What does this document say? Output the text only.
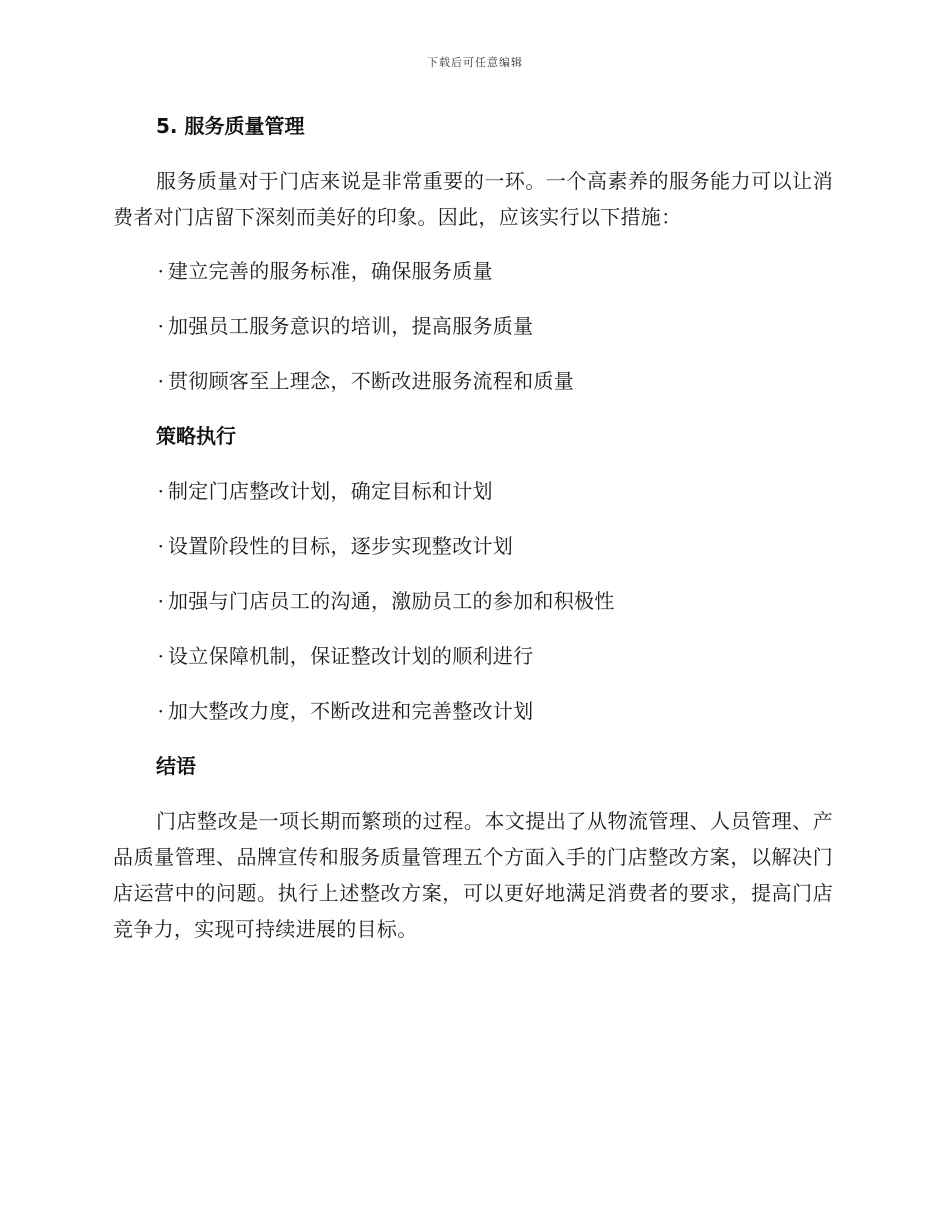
下载后可任意编辑
5. 服务质量管理

服务质量对于门店来说是非常重要的一环。一个高素养的服务能力可以让消费者对门店留下深刻而美好的印象。因此，应该实行以下措施：

· 建立完善的服务标准，确保服务质量
· 加强员工服务意识的培训，提高服务质量
· 贯彻顾客至上理念，不断改进服务流程和质量
策略执行
· 制定门店整改计划，确定目标和计划
· 设置阶段性的目标，逐步实现整改计划
· 加强与门店员工的沟通，激励员工的参加和积极性
· 设立保障机制，保证整改计划的顺利进行
· 加大整改力度，不断改进和完善整改计划
结语

门店整改是一项长期而繁琐的过程。本文提出了从物流管理、人员管理、产品质量管理、品牌宣传和服务质量管理五个方面入手的门店整改方案，以解决门店运营中的问题。执行上述整改方案，可以更好地满足消费者的要求，提高门店竞争力，实现可持续进展的目标。
